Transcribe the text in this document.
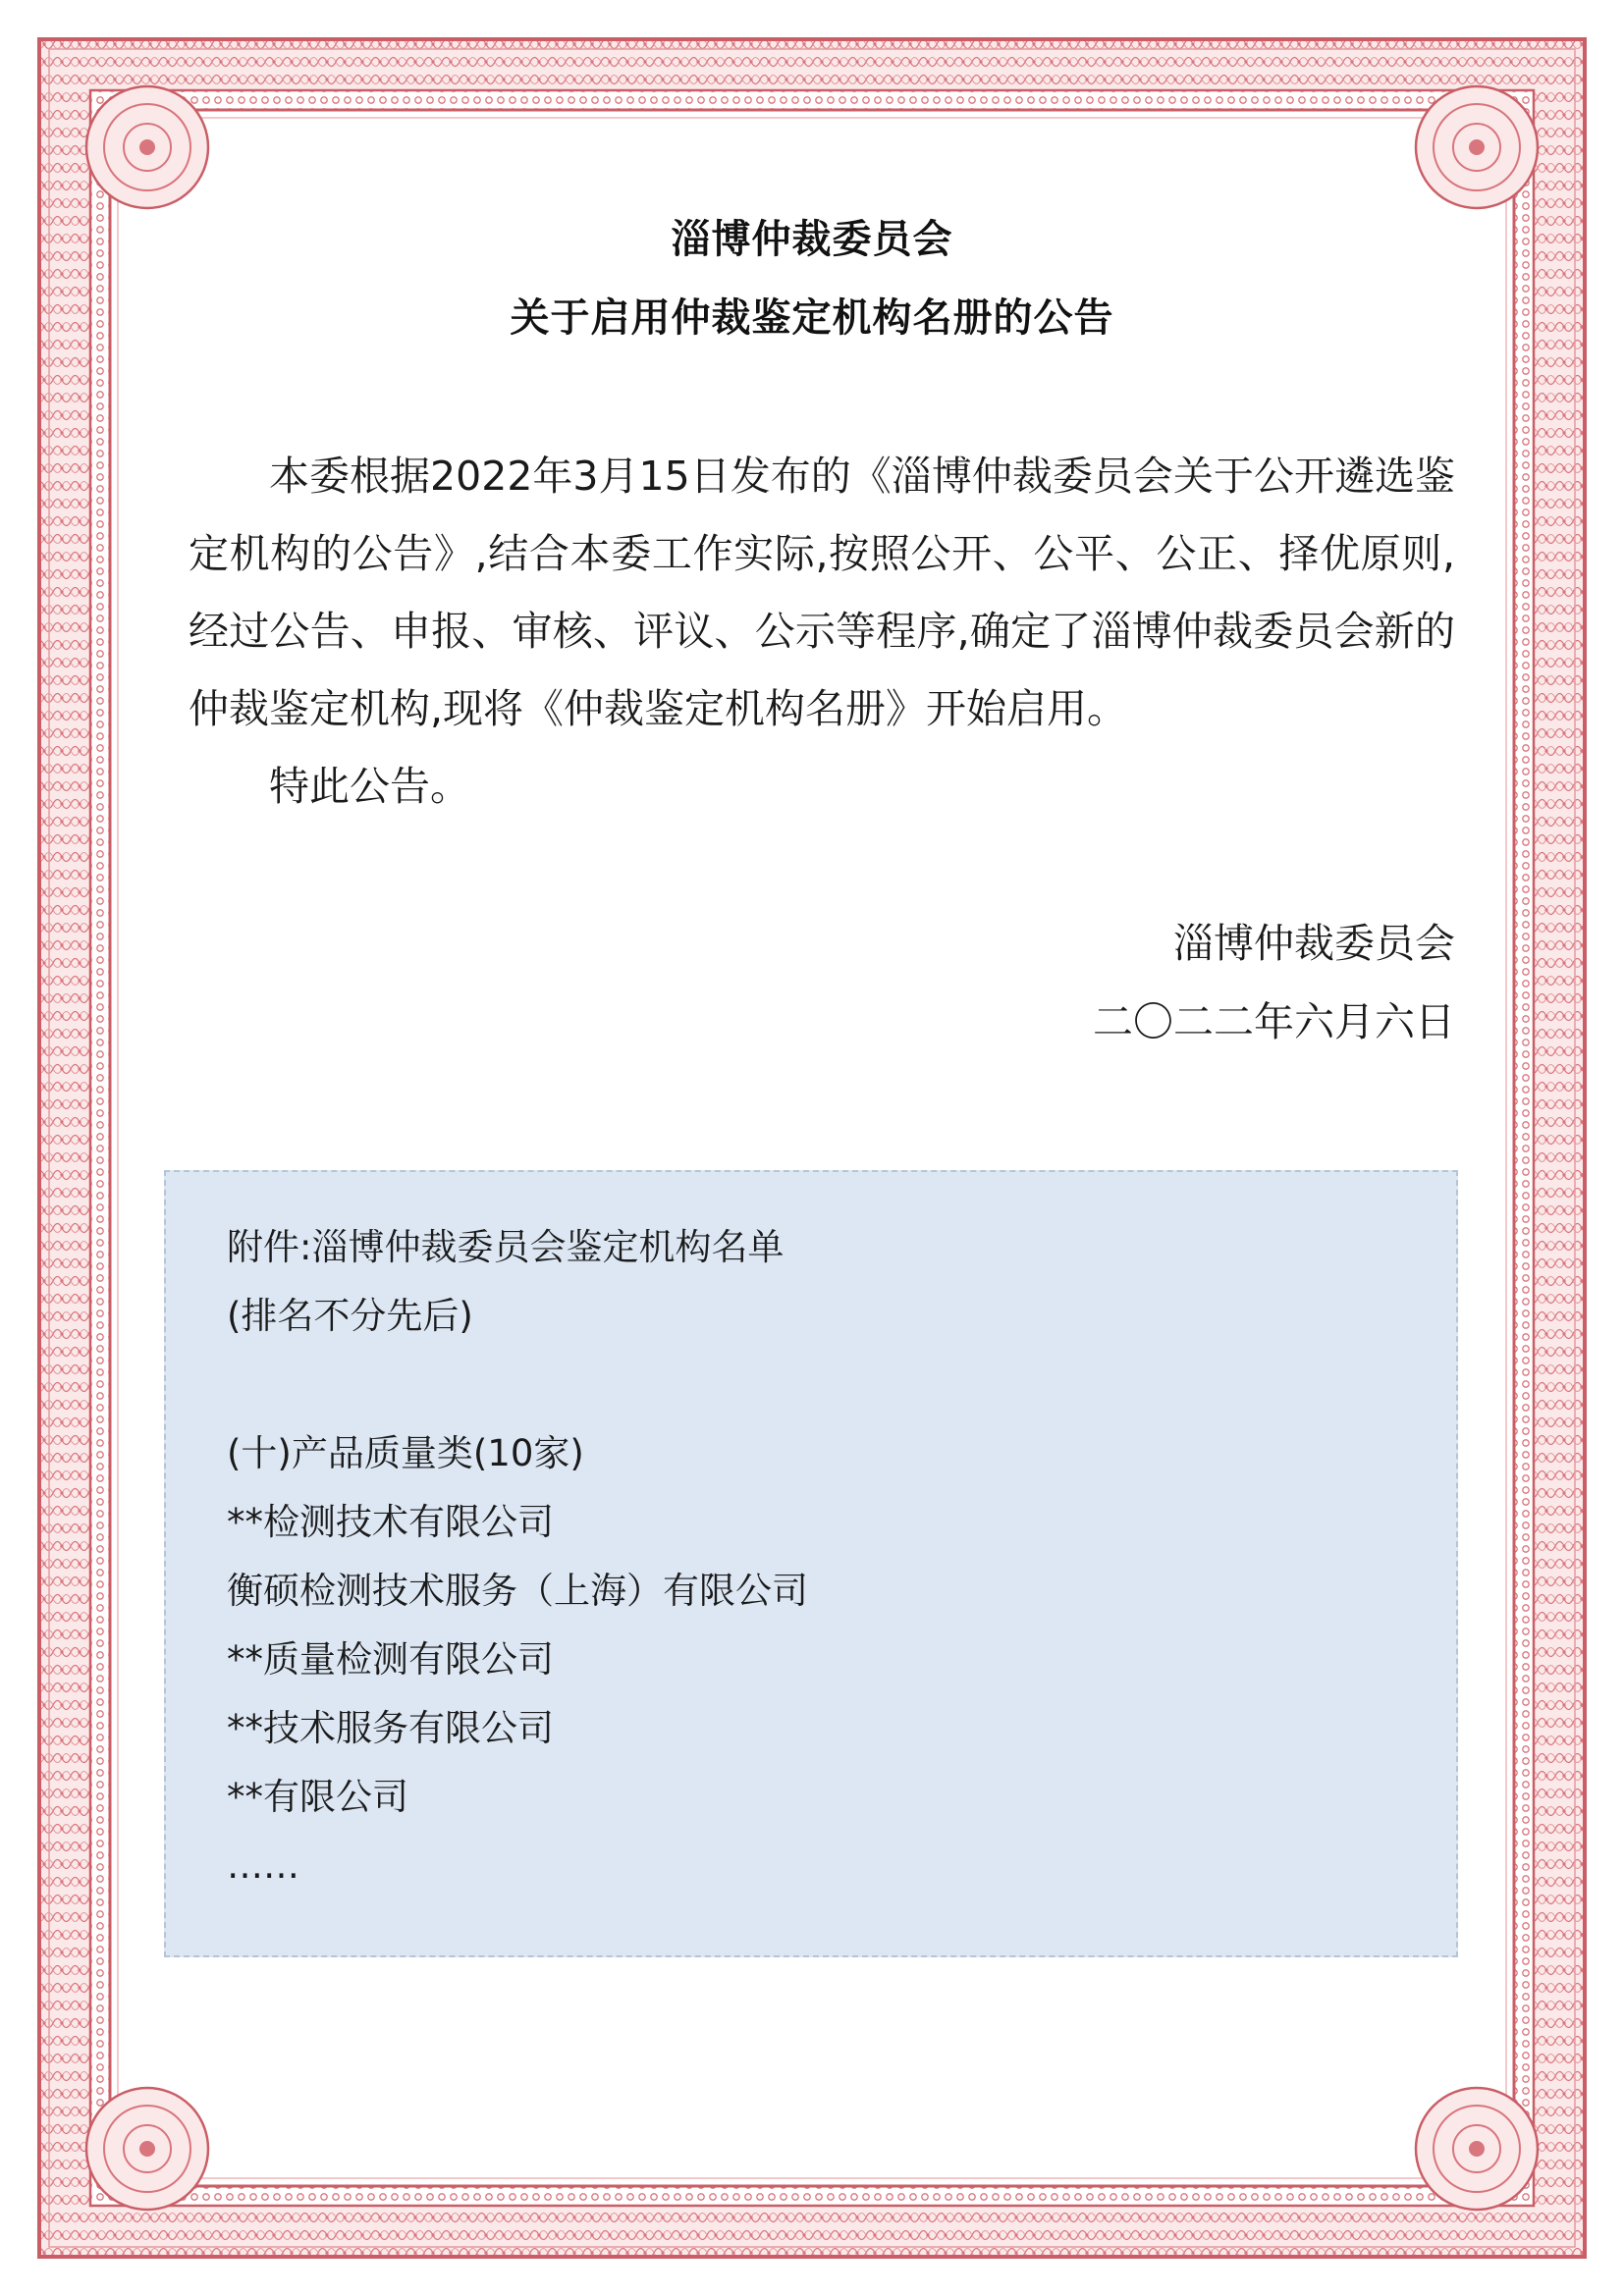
淄博仲裁委员会
关于启用仲裁鉴定机构名册的公告

本委根据2022年3月15日发布的《淄博仲裁委员会关于公开遴选鉴定机构的公告》,结合本委工作实际,按照公开、公平、公正、择优原则,经过公告、申报、审核、评议、公示等程序,确定了淄博仲裁委员会新的仲裁鉴定机构,现将《仲裁鉴定机构名册》开始启用。

特此公告。

淄博仲裁委员会
二〇二二年六月六日
附件:淄博仲裁委员会鉴定机构名单
(排名不分先后)
(十)产品质量类(10家)
**检测技术有限公司
衡硕检测技术服务（上海）有限公司
**质量检测有限公司
**技术服务有限公司
**有限公司
……
